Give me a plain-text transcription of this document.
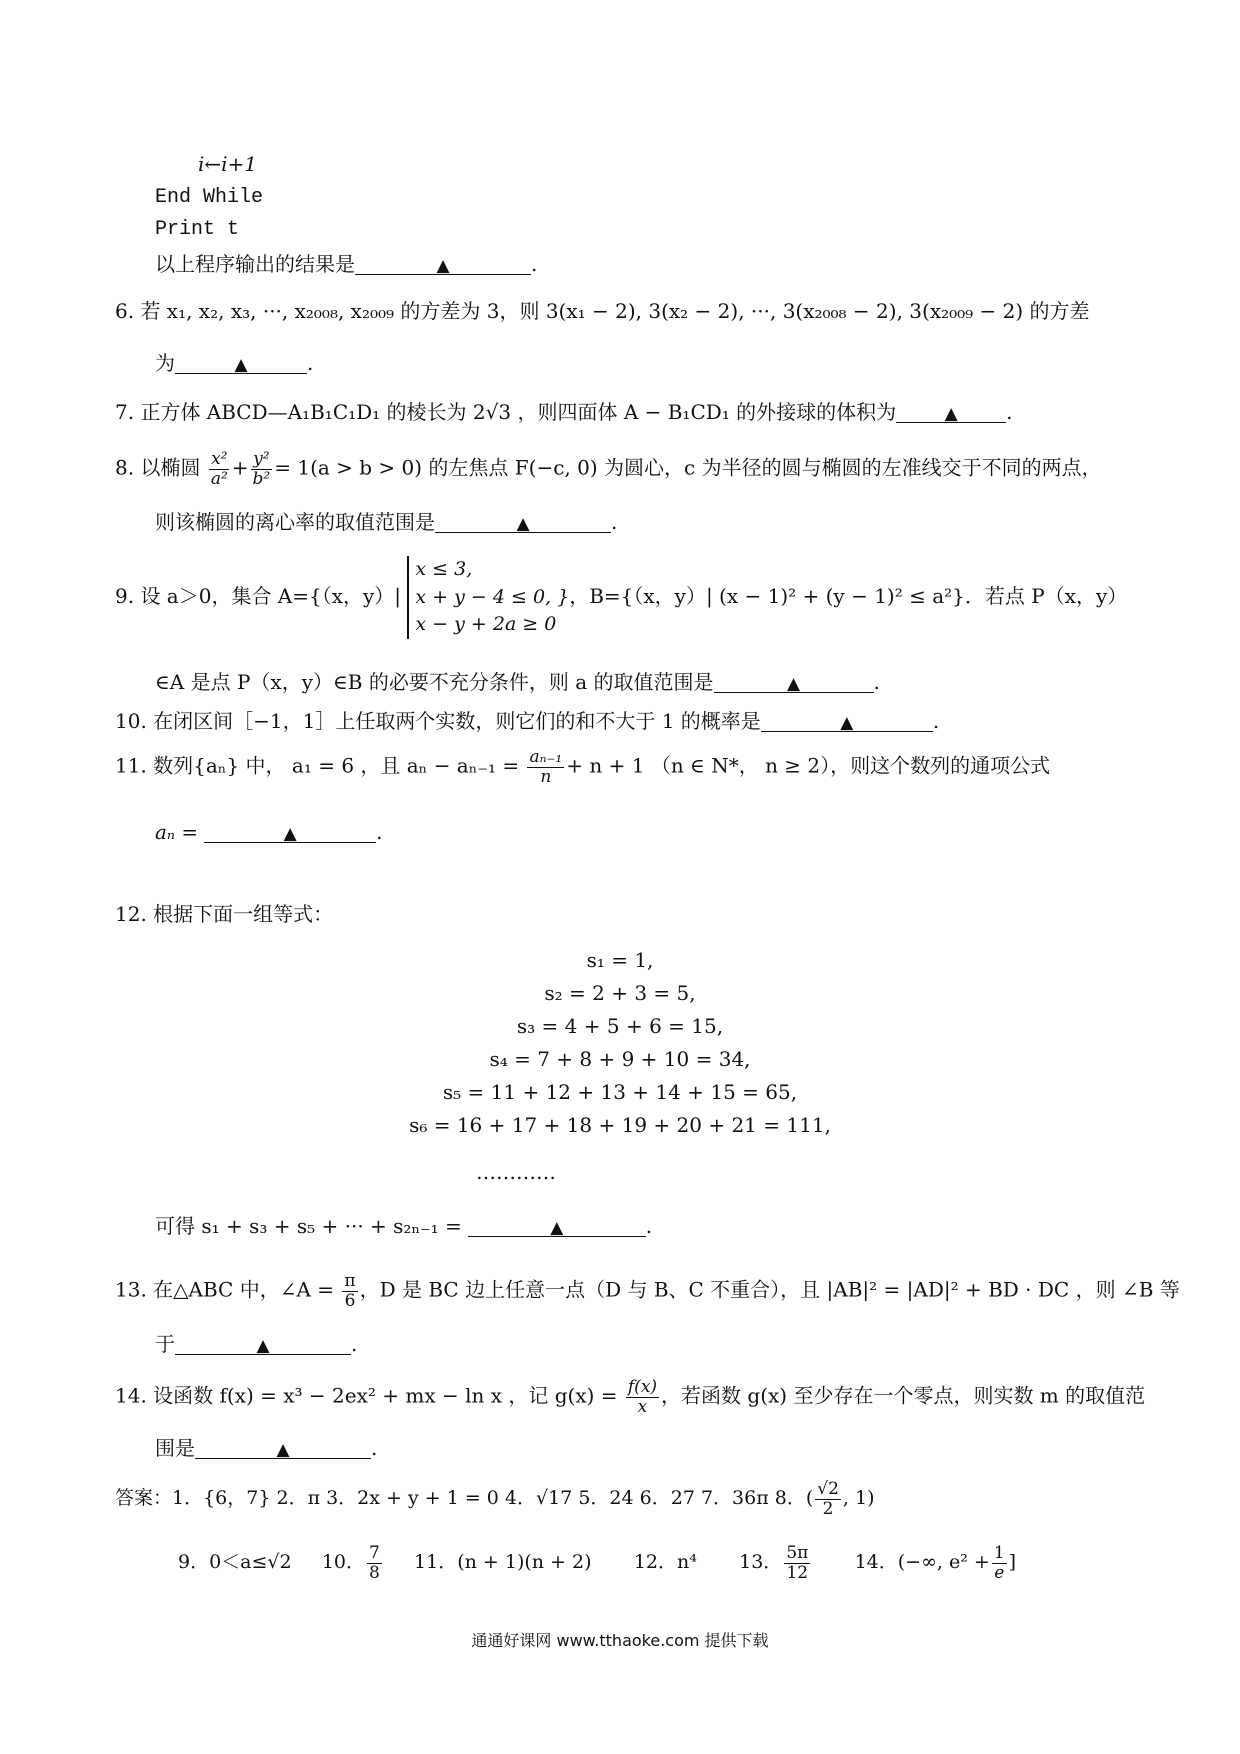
i←i+1
End While
Print t
以上程序输出的结果是	▲	.
6. 若 x₁, x₂, x₃, ···, x₂₀₀₈, x₂₀₀₉ 的方差为 3，则 3(x₁ − 2), 3(x₂ − 2), ···, 3(x₂₀₀₈ − 2), 3(x₂₀₀₉ − 2) 的方差
为	▲	.
7. 正方体 ABCD—A₁B₁C₁D₁ 的棱长为 2√3 ，则四面体 A − B₁CD₁ 的外接球的体积为	▲ .
8. 以椭圆 $\frac{\text{x²}}{\text{a²}} + \frac{\text{y²}}{\text{b²}} = 1(a > b > 0)$ 的左焦点 F(−c, 0) 为圆心，c 为半径的圆与椭圆的左准线交于不同的两点，
则该椭圆的离心率的取值范围是	▲	.
9. 设 a＞0，集合 A={（x，y）|
x ≤ 3,
x + y − 4 ≤ 0, }
x − y + 2a ≥ 0
，B={（x，y）| (x − 1)² + (y − 1)² ≤ a²}．若点 P（x，y）
∈A 是点 P（x，y）∈B 的必要不充分条件，则 a 的取值范围是	▲	.
10. 在闭区间［−1，1］上任取两个实数，则它们的和不大于 1 的概率是	▲	.
11. 数列{aₙ} 中， a₁ = 6 ，且 $a_n - a_{n-1} = \frac{\text{aₙ₋₁}}{n} + n + 1$ （n ∈ N*， n ≥ 2），则这个数列的通项公式
aₙ =	▲	.
12. 根据下面一组等式：
s₁ = 1,
s₂ = 2 + 3 = 5,
s₃ = 4 + 5 + 6 = 15,
s₄ = 7 + 8 + 9 + 10 = 34,
s₅ = 11 + 12 + 13 + 14 + 15 = 65,
s₆ = 16 + 17 + 18 + 19 + 20 + 21 = 111,
…………
可得 s₁ + s₃ + s₅ + ··· + s₂ₙ₋₁ =	▲	.
13. 在△ABC 中，∠A = $\frac{\pi}{6}$ ，D 是 BC 边上任意一点（D 与 B、C 不重合），且 |AB|² = |AD|² + BD · DC ，则 ∠B 等
于	▲	.
14. 设函数 f(x) = x³ − 2ex² + mx − ln x ，记 $g(x) = \frac{f(x)}{x}$ ，若函数 g(x) 至少存在一个零点，则实数 m 的取值范
围是	▲	.
答案：1．{6，7} 2．π 3．2x + y + 1 = 0 4．√17 5．24 6．27 7．36π 8．( $\frac{√2}{2}$ , 1)
9．0＜a≤√2 10． $\frac{7}{8} 11$．(n + 1)(n + 2) 12．n⁴ 13． $\frac{5\pi}{12} 14$．(−∞, $e^2 + \frac{1}{e}$ ]
通通好课网 www.tthaoke.com 提供下载
